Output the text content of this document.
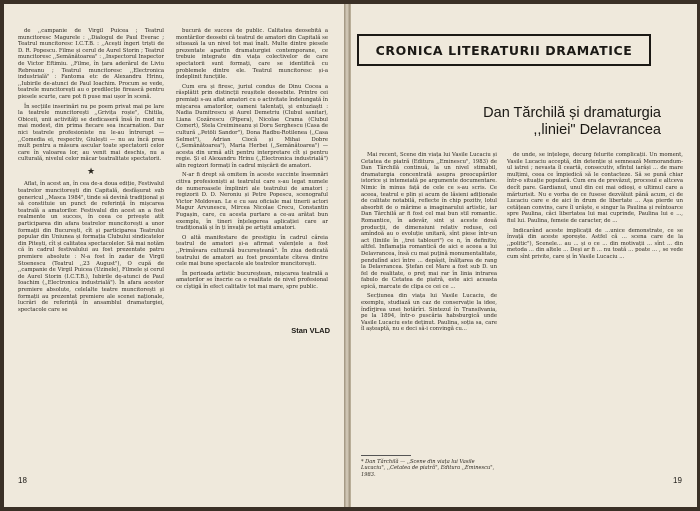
de ,,campanie de Virgil Puicea ; Teatrul muncitoresc Magurele : ,,Dialogul de Paul Everac ; Teatrul muncitoresc I.C.T.B. : ,,Acești îngeri triști de D. R. Popescu. Filme și cerul de Aurel Storin ; Teatrul muncitoresc ,,Semănătoarea" : ,,Inspectorul Inspector de Victor Eftimiu. ,,Filme, în țara aderărul de Liviu Rebreanu ; Teatrul muncitoresc ,,Electronica industrială" : Fantoma etc de Alexandru Hrinu, ,,Iubirile de-atunci de Paul Ioachim. Procum se vede, teatrele muncitorești au o predilecție firească pentru piesele scurte, care pot fi puse mai ușor în scenă.

În secțiile inserinări nu pe poem privat mai pe lare la teatrele muncitorești ,,Grivița roșie", Chitila, Obiceii, unii activități se dedicaseră însă în mod nu mai modest, din prima fiecare sea incarnation. Dar nici teatrele profesioniste nu le-au întrerupt — ,,Comedia ei, respectiv, Giulești — nu au încă prea mult pentru a măsura ascular toate spectatorii celor care în valoarea lor, au venit mai deschis, nu a culturală, nivelul celor măcar teatralitate spectatorii.

★

Aflat, în acest an, în cea de-a doua ediție, Festivalul teatrelor muncitorești din Capitală, desfășurat sub genericul ,,Masca 1984", tinde să devină tradițional și să constituie un punct de referință în mișcarea teatrală a amatorilor. Festivalul din acest an a fost realmente un succes, în ceea ce privește atît participarea din afara teatrelor muncitorești a unor formații din București, cît și participarea Teatrului popular din Uniunea și formația Clubului sindicatelor din Pitești, cît și calitatea spectacolelor. Să mai notăm că în cadrul festivalului au fost prezentate patru premiere absolute : N-a fost în zadar de Virgil Stoenescu (Teatrul ,,23 August"), O cupă de ,,campanie de Virgil Puicea (Uzinele), Filmele și cerul de Aurel Storin (I.C.T.B.), Iubirile de-atunci de Paul Ioachim (,,Electronica industrială"). În afara acestor premiere absolute, celelalte teatre muncitorești și formații au prezentat premiere ale scenei naționale, lucrări de referință în ansamblul dramaturgiei, spectacole care se

bucură de succes de public. Calitatea deosebită a montărilor deosebi că teatrul de amatori din Capitală se situează la un nivel tot mai înalt. Multe dintre piesele prezentate apartin dramaturgiei contemporane, ce trebuie integrate din viața colectivelor de care spectatorii sunt formați, care se identifică cu problemele dintre ele. Teatrul muncitoresc și-a îndeplinit funcțiile.

Cum era și firesc, juriul condus de Dinu Cocea a răsplătit prin distincții reușitele deosebite. Printre cei premiați s-au aflat amatori cu o activitate îndelungată în mișcarea amatorilor, oameni talentați, și entuziaști : Nadia Dumitrescu și Aurel Demetriu (Clubul sanitar), Liana Cozărescu (Pipera), Nicolae Crama (Clubul Comert), Stela Creimineanu și Doru Serghescu (Casa de cultură ,,Petöli Sandor"), Dona Radbu-Rotilenea (,,Casa Selmet"), Adrian Ciocă și Mihai Dobre (,,Semănătoarea"), Maria Herbei (,,Semănătoarea") — acesta din urmă atît pentru interpretare cît și pentru regie. Și el Alexandru Hrinu (,,Electronica industrială") alin regizori formați în cadrul mișcării de amatori.

N-ar fi drept să omitem în aceste succinte însemnări citiva profesioniști ai teatrului care s-au legat numele de numeroasele împliniri ale teatrului de amatori ; regizorii D. D. Neroniu și Petre Popescu, scenograful Victor Moldovan. Le e cu sau oficiale mai tinerii actori Magur Arvunescu, Mircea Nicolae Crecu, Constantin Fugașin, care, cu acesta purtare a ce-au arătat bun exemplu, în tineri înțelegerea aplicației care ar tradițională și în ți învață pe artiștii amatori.

O altă manifestare de prestigiu în cadrul căreia teatrul de amatori și-a afirmat valențele a fost ,,Primăvara culturală bucureșteană". În ziua dedicată teatrului de amatori au fost prezentate cîteva dintre cele mai bune spectacole ale teatrelor muncitorești.

În perioada artistic bucureștean, mișcarea teatrală a amatorilor se înscrie ca o realitate de nivel profesional ce cîștigă în efect calitativ tot mai mare, spre public.

Stan VLAD
18
CRONICA LITERATURII DRAMATICE
Dan Tărchilă și dramaturgia
,,liniei" Delavrancea

Mai recent, Scene din viața lui Vasile Lucaciu și Cetatea de piatră (Editura ,,Eminescu", 1983) de Dan Tărchilă continuă, la un nivel stimabil, dramaturgia concentrată asupra preocupărilor istorice și intemeiată pe argumente documentare. Nimic în minus față de cele ce s-au scris. Ce aceea, teatrul e plin și acum de lăsieni adiționale de calitate notabilă, reflecte în chip pozitiv, lotul absorbit de o mărime a imaginarului artistic, iar Dan Tărchilă ar fi fost cel mai bun stil romantic. Romantice, în adevăr, sint și aceste două producții, de dimensiuni relativ reduse, cel amîndoă au o evoluție unitară, sînt piese într-un act (liniile în ,,trei tablouri") ce n, în definitiv, altfel. Inflamația romantică de aici e aceea a lui Delavrancea, însă cu mai puțină monumentalitate, pendulînd aici între ... depășit, înălțarea de rang la Delavrancea. Ștefan cel Mare a fost sub D. un fel de realitate, o preț mai rar în linia intrarea fabulo de Cetatea de piatră, este aici aceasta epică, marcate de clipa ce cei ce ...

Secțiunea din viața lui Vasile Lucaciu, de exemplu, studiază un caz de conservație la idee, îndîrjirea unei hotărîri. Sintezul în Transilvania, pe la 1894, într-o puscăria habsburgică unde Vasile Lucaciu este deținut. Paulina, soția sa, care îl așteaptă, nu e deci să-i convingă cu...

de unde, se înțelege, decurg felurite complicații. Un moment, Vasile Lucaciu acceptă, din detenție și semnează Memorandum-ul iatrei ; nevasta îl ceartă, consecutiv, sfîntul iarăși ... de mare mulțimi, ceea ce împiedică să le contacteze. Să se pună chiar într-o situație populară. Cum era de prevăzut, procesul e altceva decît pare. Gardianul, unul din cei mai odioși, e ultimul care a mărturisit. Nu e vorba de ce fusese dezvăluit până acum, ci de Lucaciu care e de aici în drum de libertate ... Așa pierde un cetățean convins, care îl urăște, e singur la Paulina și reîntoarce spre Paulina, căci libertatea lui mai cuprinde, Paulina lui e ..., fiul lui. Paulina, femeie de caracter, de ...

Indicarând aceste implicații de ...unice demonstrate, ce se învață din aceste sporește. Astfel că ... scena care de la ,,politic"), Scenele... au ... și o ce ... din motivații ... sînt ... din metoda ... din altele ... Deși ar fi ... nu toată ... poate ... , se vede cum sînt privite, care și în Vasile Lucaciu ...

* Dan Tărchilă — ,,Scene din viața lui Vasile Lucaciu", ,,Cetatea de piatră", Editura ,,Eminescu", 1983.
19
